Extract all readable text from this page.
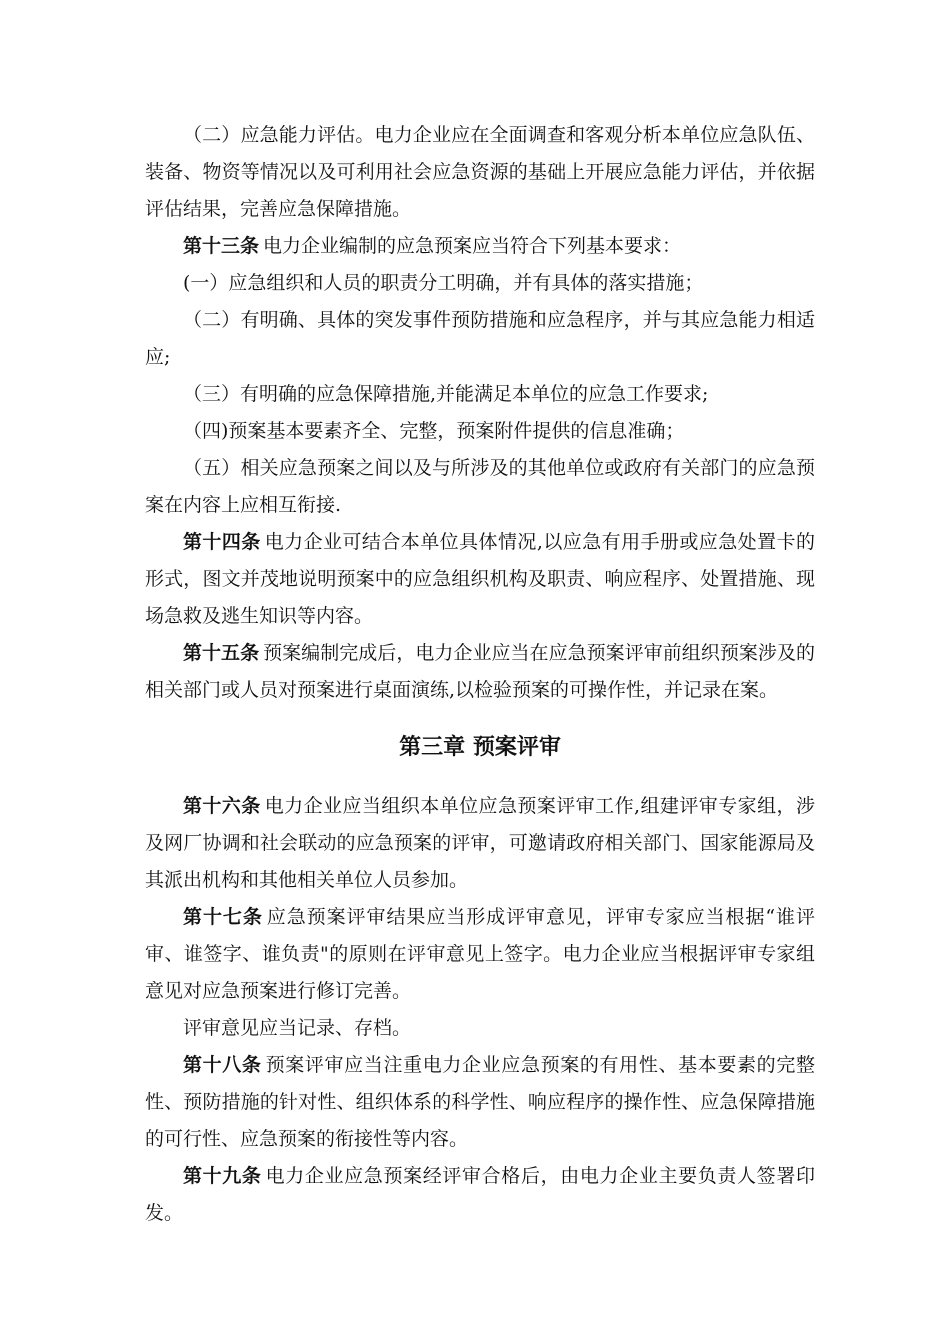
（二）应急能力评估。电力企业应在全面调查和客观分析本单位应急队伍、装备、物资等情况以及可利用社会应急资源的基础上开展应急能力评估，并依据评估结果，完善应急保障措施。

第十三条 电力企业编制的应急预案应当符合下列基本要求：

(一）应急组织和人员的职责分工明确，并有具体的落实措施；

（二）有明确、具体的突发事件预防措施和应急程序，并与其应急能力相适应;

（三）有明确的应急保障措施,并能满足本单位的应急工作要求;

（四)预案基本要素齐全、完整，预案附件提供的信息准确；

（五）相关应急预案之间以及与所涉及的其他单位或政府有关部门的应急预案在内容上应相互衔接.

第十四条 电力企业可结合本单位具体情况,以应急有用手册或应急处置卡的形式，图文并茂地说明预案中的应急组织机构及职责、响应程序、处置措施、现场急救及逃生知识等内容。

第十五条 预案编制完成后，电力企业应当在应急预案评审前组织预案涉及的相关部门或人员对预案进行桌面演练,以检验预案的可操作性，并记录在案。

第三章 预案评审

第十六条 电力企业应当组织本单位应急预案评审工作,组建评审专家组，涉及网厂协调和社会联动的应急预案的评审，可邀请政府相关部门、国家能源局及其派出机构和其他相关单位人员参加。

第十七条 应急预案评审结果应当形成评审意见，评审专家应当根据“谁评审、谁签字、谁负责"的原则在评审意见上签字。电力企业应当根据评审专家组意见对应急预案进行修订完善。

评审意见应当记录、存档。

第十八条 预案评审应当注重电力企业应急预案的有用性、基本要素的完整性、预防措施的针对性、组织体系的科学性、响应程序的操作性、应急保障措施的可行性、应急预案的衔接性等内容。

第十九条 电力企业应急预案经评审合格后，由电力企业主要负责人签署印发。
